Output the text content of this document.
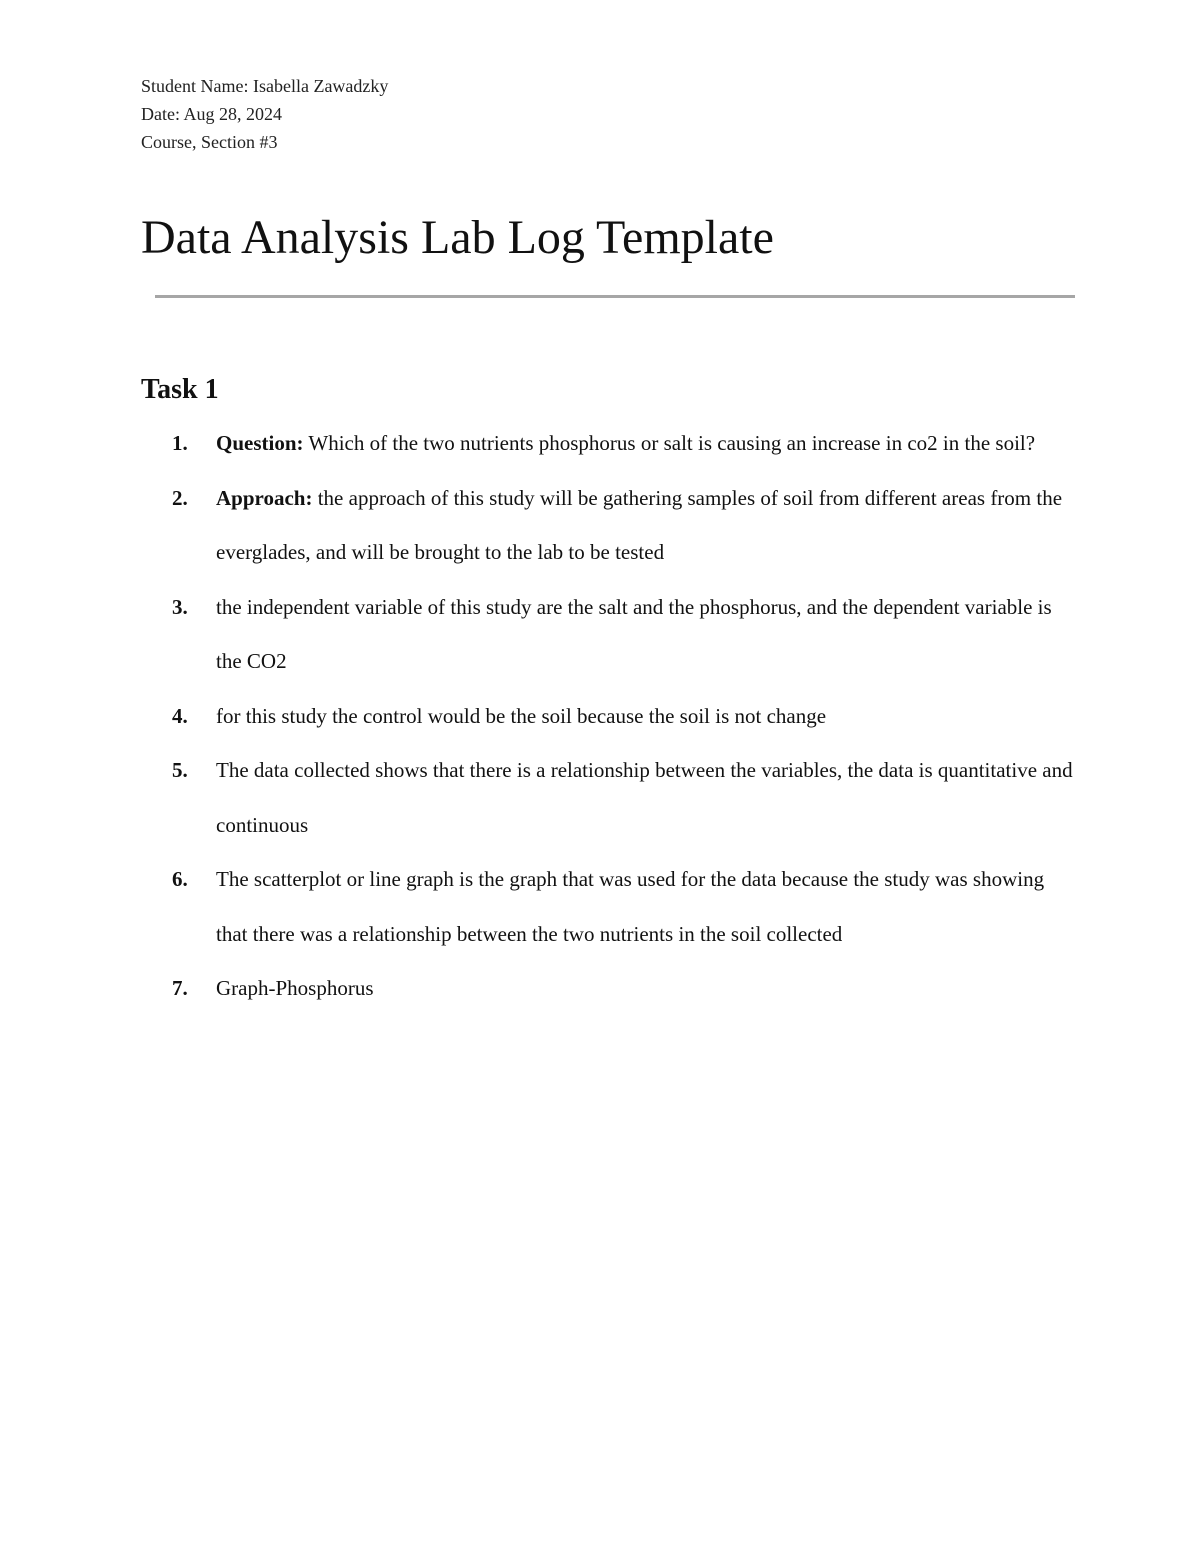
Student Name: Isabella Zawadzky
Date: Aug 28, 2024
Course, Section #3
Data Analysis Lab Log Template
Task 1
1. Question: Which of the two nutrients phosphorus or salt is causing an increase in co2 in the soil?
2. Approach: the approach of this study will be gathering samples of soil from different areas from the everglades, and will be brought to the lab to be tested
3. the independent variable of this study are the salt and the phosphorus, and the dependent variable is the CO2
4. for this study the control would be the soil because the soil is not change
5. The data collected shows that there is a relationship between the variables, the data is quantitative and continuous
6. The scatterplot or line graph is the graph that was used for the data because the study was showing that there was a relationship between the two nutrients in the soil collected
7. Graph-Phosphorus
